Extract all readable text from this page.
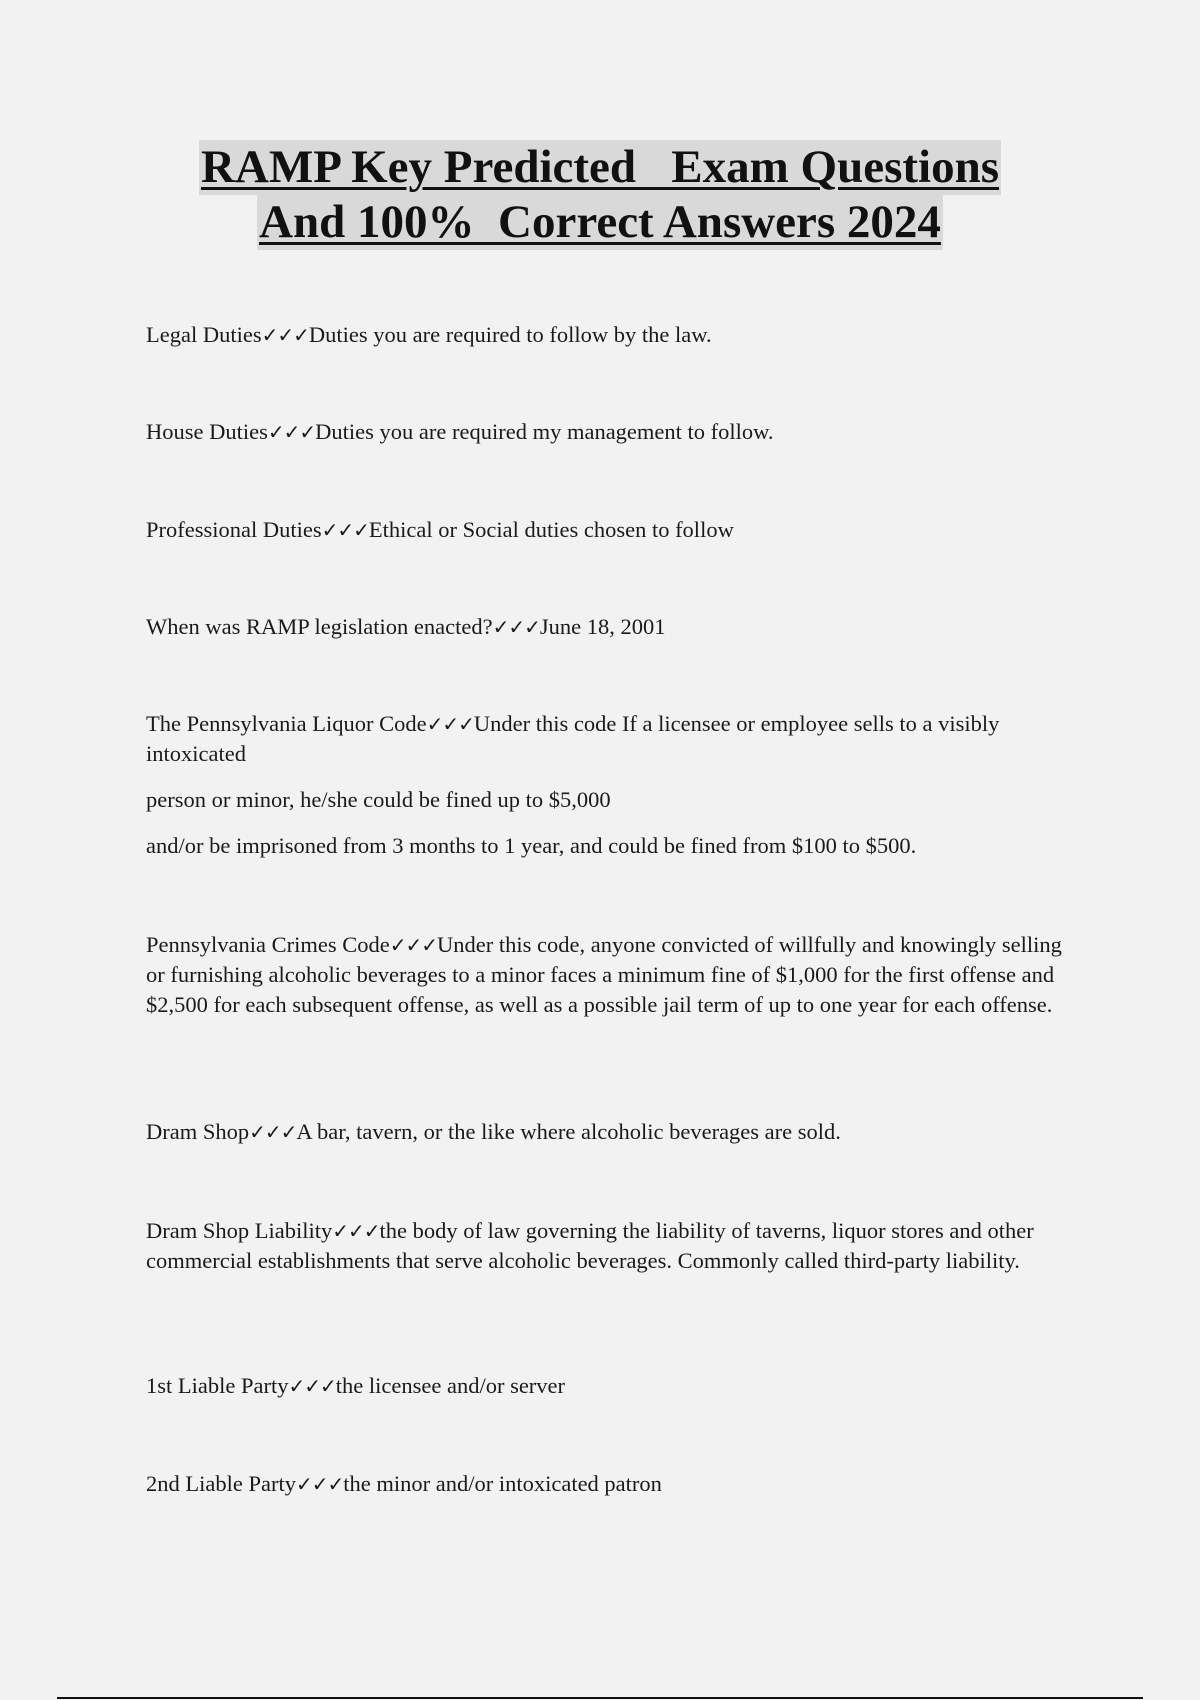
RAMP Key Predicted   Exam Questions
And 100%  Correct Answers 2024

Legal Duties✓✓✓Duties you are required to follow by the law.

House Duties✓✓✓Duties you are required my management to follow.

Professional Duties✓✓✓Ethical or Social duties chosen to follow

When was RAMP legislation enacted?✓✓✓June 18, 2001

The Pennsylvania Liquor Code✓✓✓Under this code If a licensee or employee sells to a visibly intoxicated

person or minor, he/she could be fined up to $5,000

and/or be imprisoned from 3 months to 1 year, and could be fined from $100 to $500.

Pennsylvania Crimes Code✓✓✓Under this code, anyone convicted of willfully and knowingly selling or furnishing alcoholic beverages to a minor faces a minimum fine of $1,000 for the first offense and $2,500 for each subsequent offense, as well as a possible jail term of up to one year for each offense.

Dram Shop✓✓✓A bar, tavern, or the like where alcoholic beverages are sold.

Dram Shop Liability✓✓✓the body of law governing the liability of taverns, liquor stores and other commercial establishments that serve alcoholic beverages. Commonly called third-party liability.

1st Liable Party✓✓✓the licensee and/or server

2nd Liable Party✓✓✓the minor and/or intoxicated patron
